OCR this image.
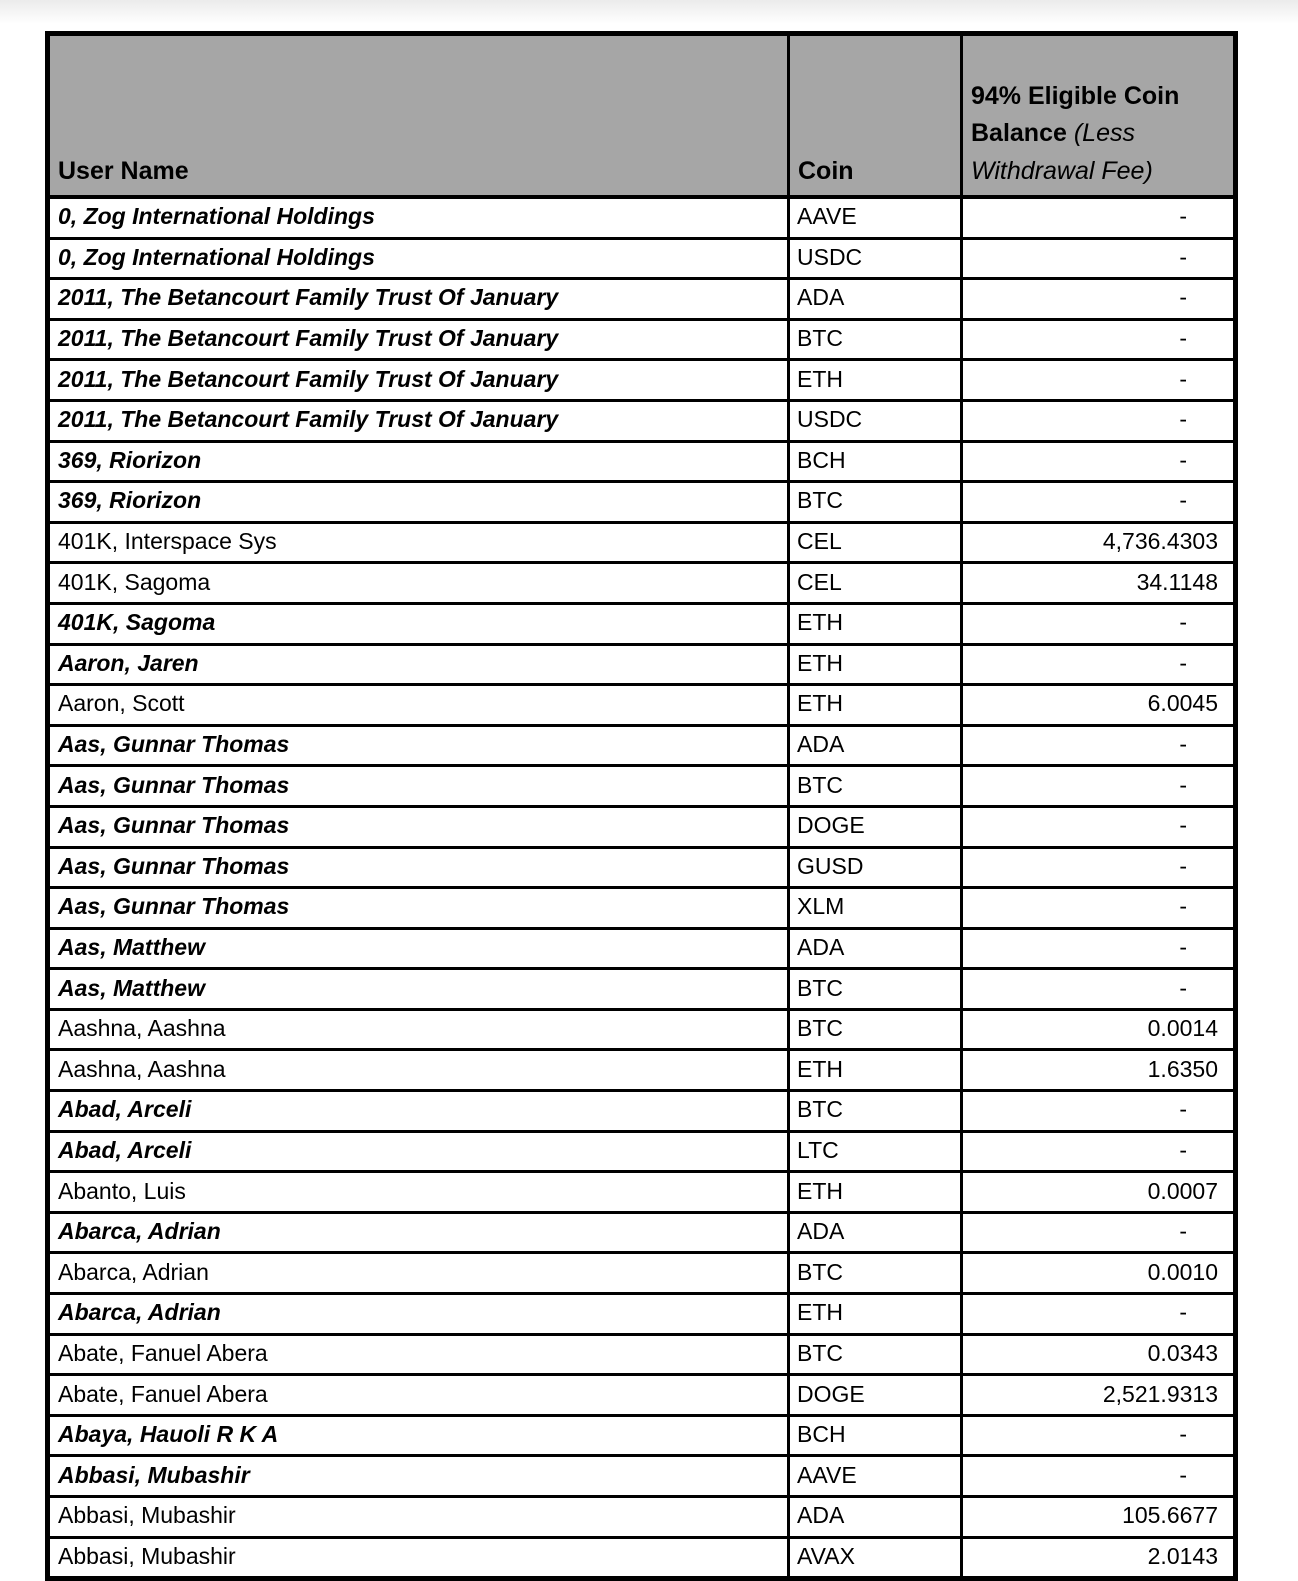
User Name	Coin	94% Eligible Coin Balance (Less Withdrawal Fee)
0, Zog International Holdings	AAVE	-
0, Zog International Holdings	USDC	-
2011, The Betancourt Family Trust Of January	ADA	-
2011, The Betancourt Family Trust Of January	BTC	-
2011, The Betancourt Family Trust Of January	ETH	-
2011, The Betancourt Family Trust Of January	USDC	-
369, Riorizon	BCH	-
369, Riorizon	BTC	-
401K, Interspace Sys	CEL	4,736.4303
401K, Sagoma	CEL	34.1148
401K, Sagoma	ETH	-
Aaron, Jaren	ETH	-
Aaron, Scott	ETH	6.0045
Aas, Gunnar Thomas	ADA	-
Aas, Gunnar Thomas	BTC	-
Aas, Gunnar Thomas	DOGE	-
Aas, Gunnar Thomas	GUSD	-
Aas, Gunnar Thomas	XLM	-
Aas, Matthew	ADA	-
Aas, Matthew	BTC	-
Aashna, Aashna	BTC	0.0014
Aashna, Aashna	ETH	1.6350
Abad, Arceli	BTC	-
Abad, Arceli	LTC	-
Abanto, Luis	ETH	0.0007
Abarca, Adrian	ADA	-
Abarca, Adrian	BTC	0.0010
Abarca, Adrian	ETH	-
Abate, Fanuel Abera	BTC	0.0343
Abate, Fanuel Abera	DOGE	2,521.9313
Abaya, Hauoli R K A	BCH	-
Abbasi, Mubashir	AAVE	-
Abbasi, Mubashir	ADA	105.6677
Abbasi, Mubashir	AVAX	2.0143
